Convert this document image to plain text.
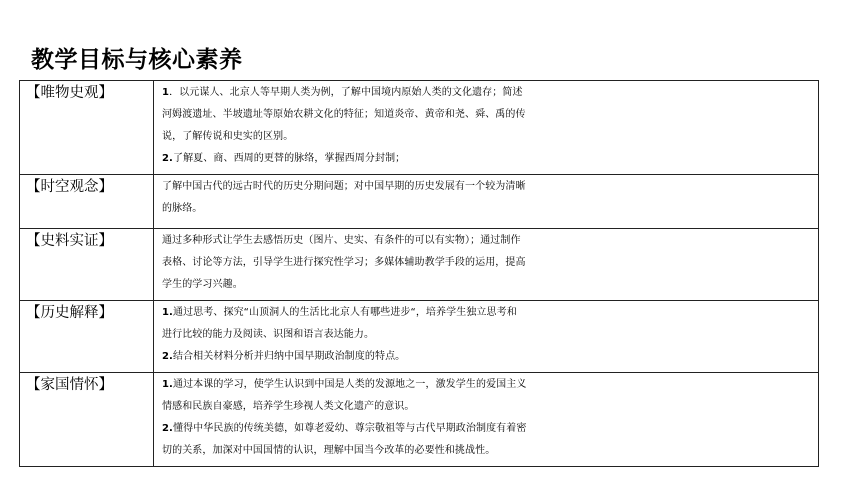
教学目标与核心素养
【唯物史观】	1．以元谋人、北京人等早期人类为例，了解中国境内原始人类的文化遗存；简述
河姆渡遗址、半坡遗址等原始农耕文化的特征；知道炎帝、黄帝和尧、舜、禹的传
说，了解传说和史实的区别。
2.了解夏、商、西周的更替的脉络，掌握西周分封制；

【时空观念】	了解中国古代的远古时代的历史分期问题；对中国早期的历史发展有一个较为清晰
的脉络。

【史料实证】	通过多种形式让学生去感悟历史（图片、史实、有条件的可以有实物）；通过制作
表格、讨论等方法，引导学生进行探究性学习；多媒体辅助教学手段的运用，提高
学生的学习兴趣。

【历史解释】	1.通过思考、探究“山顶洞人的生活比北京人有哪些进步“，培养学生独立思考和
进行比较的能力及阅读、识图和语言表达能力。
2.结合相关材料分析并归纳中国早期政治制度的特点。

【家国情怀】	1.通过本课的学习，使学生认识到中国是人类的发源地之一，激发学生的爱国主义
情感和民族自豪感，培养学生珍视人类文化遗产的意识。
2.懂得中华民族的传统美德，如尊老爱幼、尊宗敬祖等与古代早期政治制度有着密
切的关系，加深对中国国情的认识，理解中国当今改革的必要性和挑战性。
